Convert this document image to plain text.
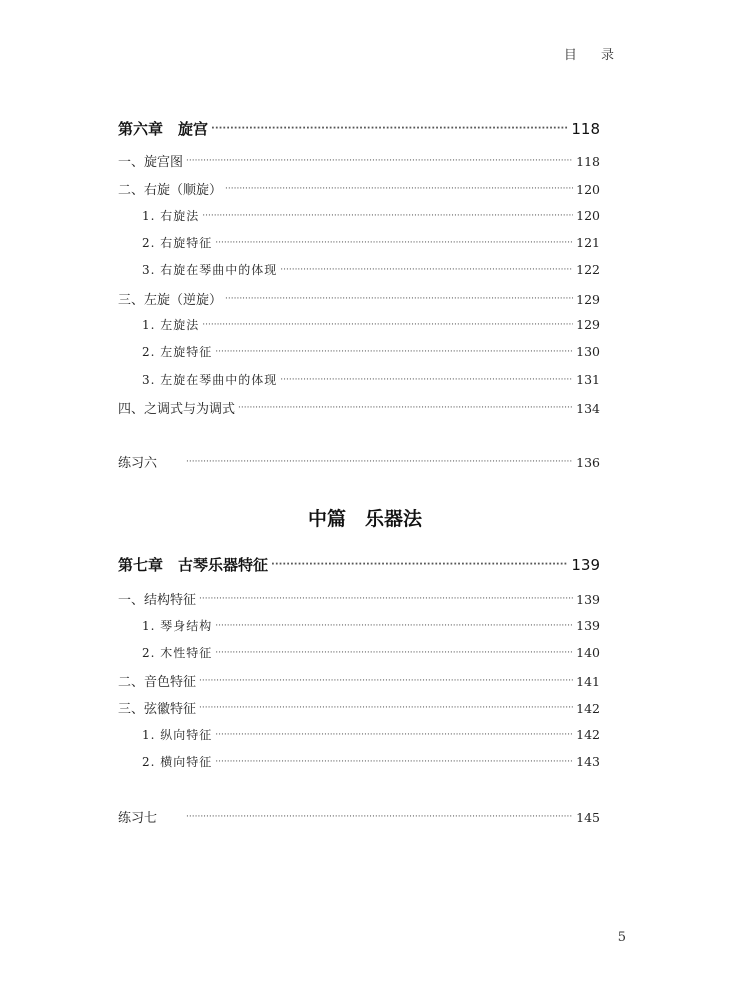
目 录
第六章　旋宫 ·····	118
一、旋宫图 ·····	118
二、右旋（顺旋） ·····	120
1. 右旋法 ·····	120
2. 右旋特征 ·····	121
3. 右旋在琴曲中的体现 ·····	122
三、左旋（逆旋） ·····	129
1. 左旋法 ·····	129
2. 左旋特征 ·····	130
3. 左旋在琴曲中的体现 ·····	131
四、之调式与为调式 ·····	134
练习六 ·····	136
第七章　古琴乐器特征 ·····	139
一、结构特征 ·····	139
1. 琴身结构 ·····	139
2. 木性特征 ·····	140
二、音色特征 ·····	141
三、弦徽特征 ·····	142
1. 纵向特征 ·····	142
2. 横向特征 ·····	143
练习七 ·····	145
中篇　乐器法
5
